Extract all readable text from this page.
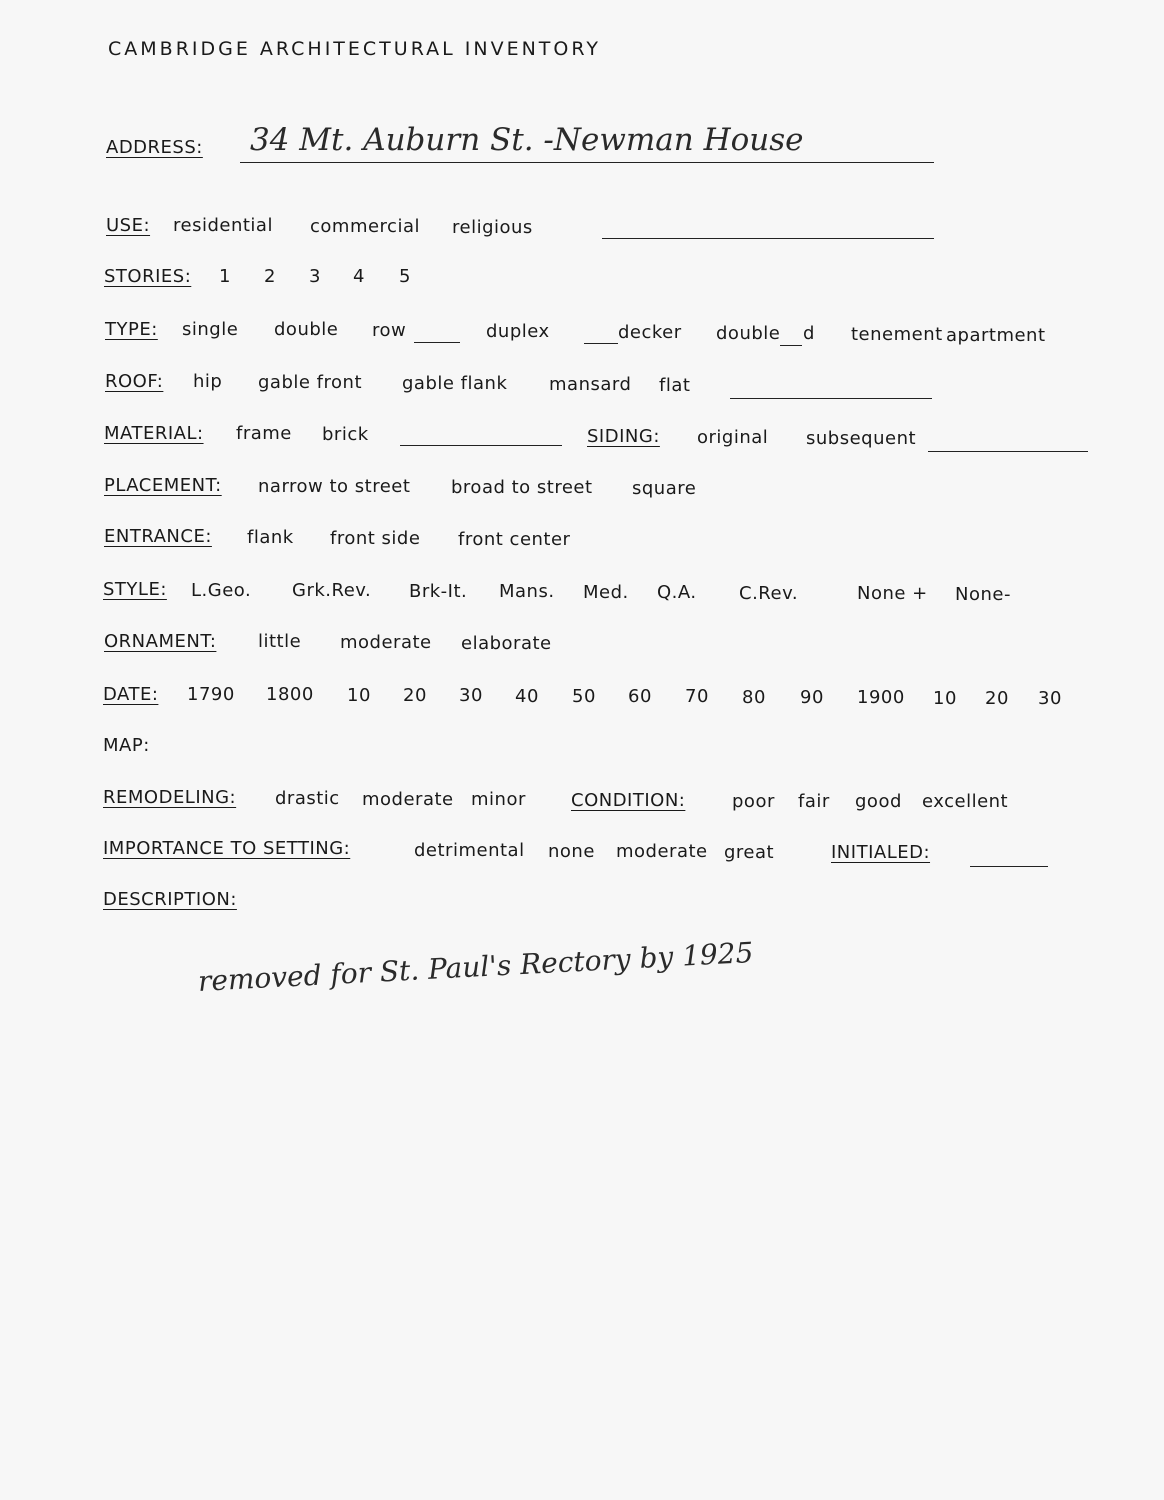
CAMBRIDGE ARCHITECTURAL INVENTORY
ADDRESS: 34 Mt. Auburn St. -Newman House
USE: residential commercial religious
STORIES: 1 2 3 4 5
TYPE: single double row	duplex	decker double d tenement apartment
ROOF: hip gable front gable flank mansard flat
MATERIAL: frame brick	SIDING: original subsequent
PLACEMENT: narrow to street broad to street square
ENTRANCE: flank front side front center
STYLE: L.Geo. Grk.Rev. Brk-It. Mans. Med. Q.A. C.Rev.	None + None-
ORNAMENT: little moderate elaborate
DATE: 1790 1800 10 20 30 40 50 60 70 80 90 1900 10 20 30
MAP:
REMODELING: drastic moderate minor	CONDITION:	poor fair good excellent
IMPORTANCE TO SETTING:	detrimental none moderate great	INITIALED:
DESCRIPTION:
removed for St. Paul's Rectory by 1925
